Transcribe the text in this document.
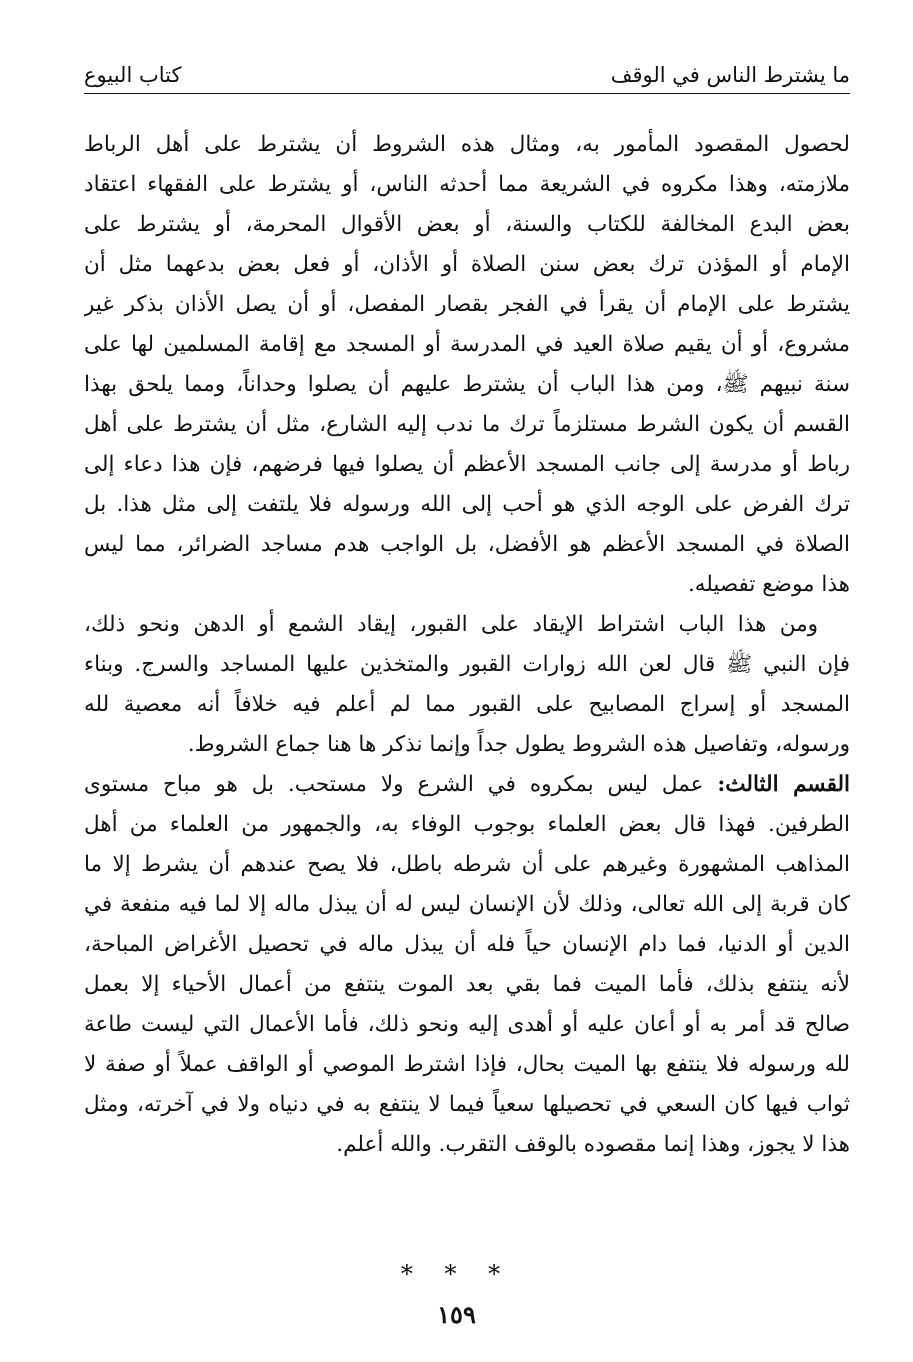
ما يشترط الناس في الوقف
كتاب البيوع
لحصول المقصود المأمور به، ومثال هذه الشروط أن يشترط على أهل الرباط
ملازمته، وهذا مكروه في الشريعة مما أحدثه الناس، أو يشترط على الفقهاء اعتقاد
بعض البدع المخالفة للكتاب والسنة، أو بعض الأقوال المحرمة، أو يشترط على
الإمام أو المؤذن ترك بعض سنن الصلاة أو الأذان، أو فعل بعض بدعهما مثل أن
يشترط على الإمام أن يقرأ في الفجر بقصار المفصل، أو أن يصل الأذان بذكر غير
مشروع، أو أن يقيم صلاة العيد في المدرسة أو المسجد مع إقامة المسلمين لها على
سنة نبيهم ﷺ، ومن هذا الباب أن يشترط عليهم أن يصلوا وحداناً، ومما يلحق بهذا
القسم أن يكون الشرط مستلزماً ترك ما ندب إليه الشارع، مثل أن يشترط على أهل
رباط أو مدرسة إلى جانب المسجد الأعظم أن يصلوا فيها فرضهم، فإن هذا دعاء إلى
ترك الفرض على الوجه الذي هو أحب إلى الله ورسوله فلا يلتفت إلى مثل هذا. بل
الصلاة في المسجد الأعظم هو الأفضل، بل الواجب هدم مساجد الضرائر، مما ليس
هذا موضع تفصيله.
ومن هذا الباب اشتراط الإيقاد على القبور، إيقاد الشمع أو الدهن ونحو ذلك،
فإن النبي ﷺ قال لعن الله زوارات القبور والمتخذين عليها المساجد والسرج. وبناء
المسجد أو إسراج المصابيح على القبور مما لم أعلم فيه خلافاً أنه معصية لله
ورسوله، وتفاصيل هذه الشروط يطول جداً وإنما نذكر ها هنا جماع الشروط.
القسم الثالث: عمل ليس بمكروه في الشرع ولا مستحب. بل هو مباح مستوى
الطرفين. فهذا قال بعض العلماء بوجوب الوفاء به، والجمهور من العلماء من أهل
المذاهب المشهورة وغيرهم على أن شرطه باطل، فلا يصح عندهم أن يشرط إلا ما
كان قربة إلى الله تعالى، وذلك لأن الإنسان ليس له أن يبذل ماله إلا لما فيه منفعة في
الدين أو الدنيا، فما دام الإنسان حياً فله أن يبذل ماله في تحصيل الأغراض المباحة،
لأنه ينتفع بذلك، فأما الميت فما بقي بعد الموت ينتفع من أعمال الأحياء إلا بعمل
صالح قد أمر به أو أعان عليه أو أهدى إليه ونحو ذلك، فأما الأعمال التي ليست طاعة
لله ورسوله فلا ينتفع بها الميت بحال، فإذا اشترط الموصي أو الواقف عملاً أو صفة لا
ثواب فيها كان السعي في تحصيلها سعياً فيما لا ينتفع به في دنياه ولا في آخرته، ومثل
هذا لا يجوز، وهذا إنما مقصوده بالوقف التقرب. والله أعلم.
* * *
١٥٩
